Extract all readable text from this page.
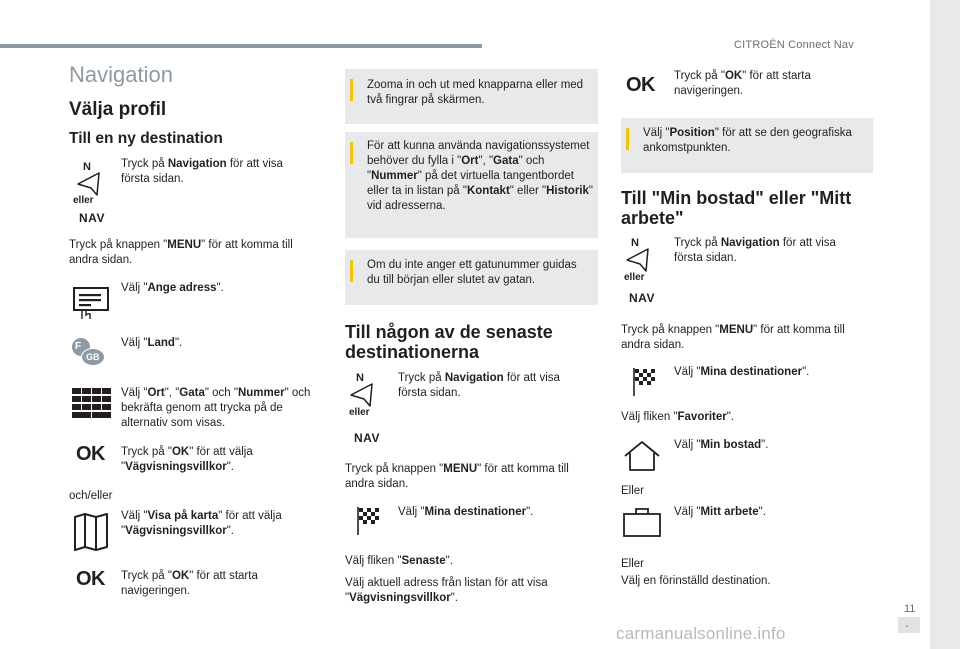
CITROËN Connect Nav
11
.
Navigation
Välja profil
Till en ny destination
N
eller
NAV
Tryck på Navigation för att visa första sidan.
Tryck på knappen "MENU" för att komma till andra sidan.
Välj "Ange adress".
F
GB
Välj "Land".
Välj "Ort", "Gata" och "Nummer" och bekräfta genom att trycka på de alternativ som visas.
OK Tryck på "OK" för att välja "Vägvisningsvillkor".
och/eller
Välj "Visa på karta" för att välja "Vägvisningsvillkor".
OK Tryck på "OK" för att starta navigeringen.
Zooma in och ut med knapparna eller med två fingrar på skärmen.
För att kunna använda navigationssystemet behöver du fylla i "Ort", "Gata" och "Nummer" på det virtuella tangentbordet eller ta in listan på "Kontakt" eller "Historik" vid adresserna.
Om du inte anger ett gatunummer guidas du till början eller slutet av gatan.
Till någon av de senaste destinationerna
N
eller
NAV
Tryck på Navigation för att visa första sidan.
Tryck på knappen "MENU" för att komma till andra sidan.
Välj "Mina destinationer".
Välj fliken "Senaste".
Välj aktuell adress från listan för att visa "Vägvisningsvillkor".
OK Tryck på "OK" för att starta navigeringen.
Välj "Position" för att se den geografiska ankomstpunkten.
Till "Min bostad" eller "Mitt arbete"
N
eller
NAV
Tryck på Navigation för att visa första sidan.
Tryck på knappen "MENU" för att komma till andra sidan.
Välj "Mina destinationer".
Välj fliken "Favoriter".
Välj "Min bostad".
Eller
Välj "Mitt arbete".
Eller
Välj en förinställd destination.
carmanualsonline.info
